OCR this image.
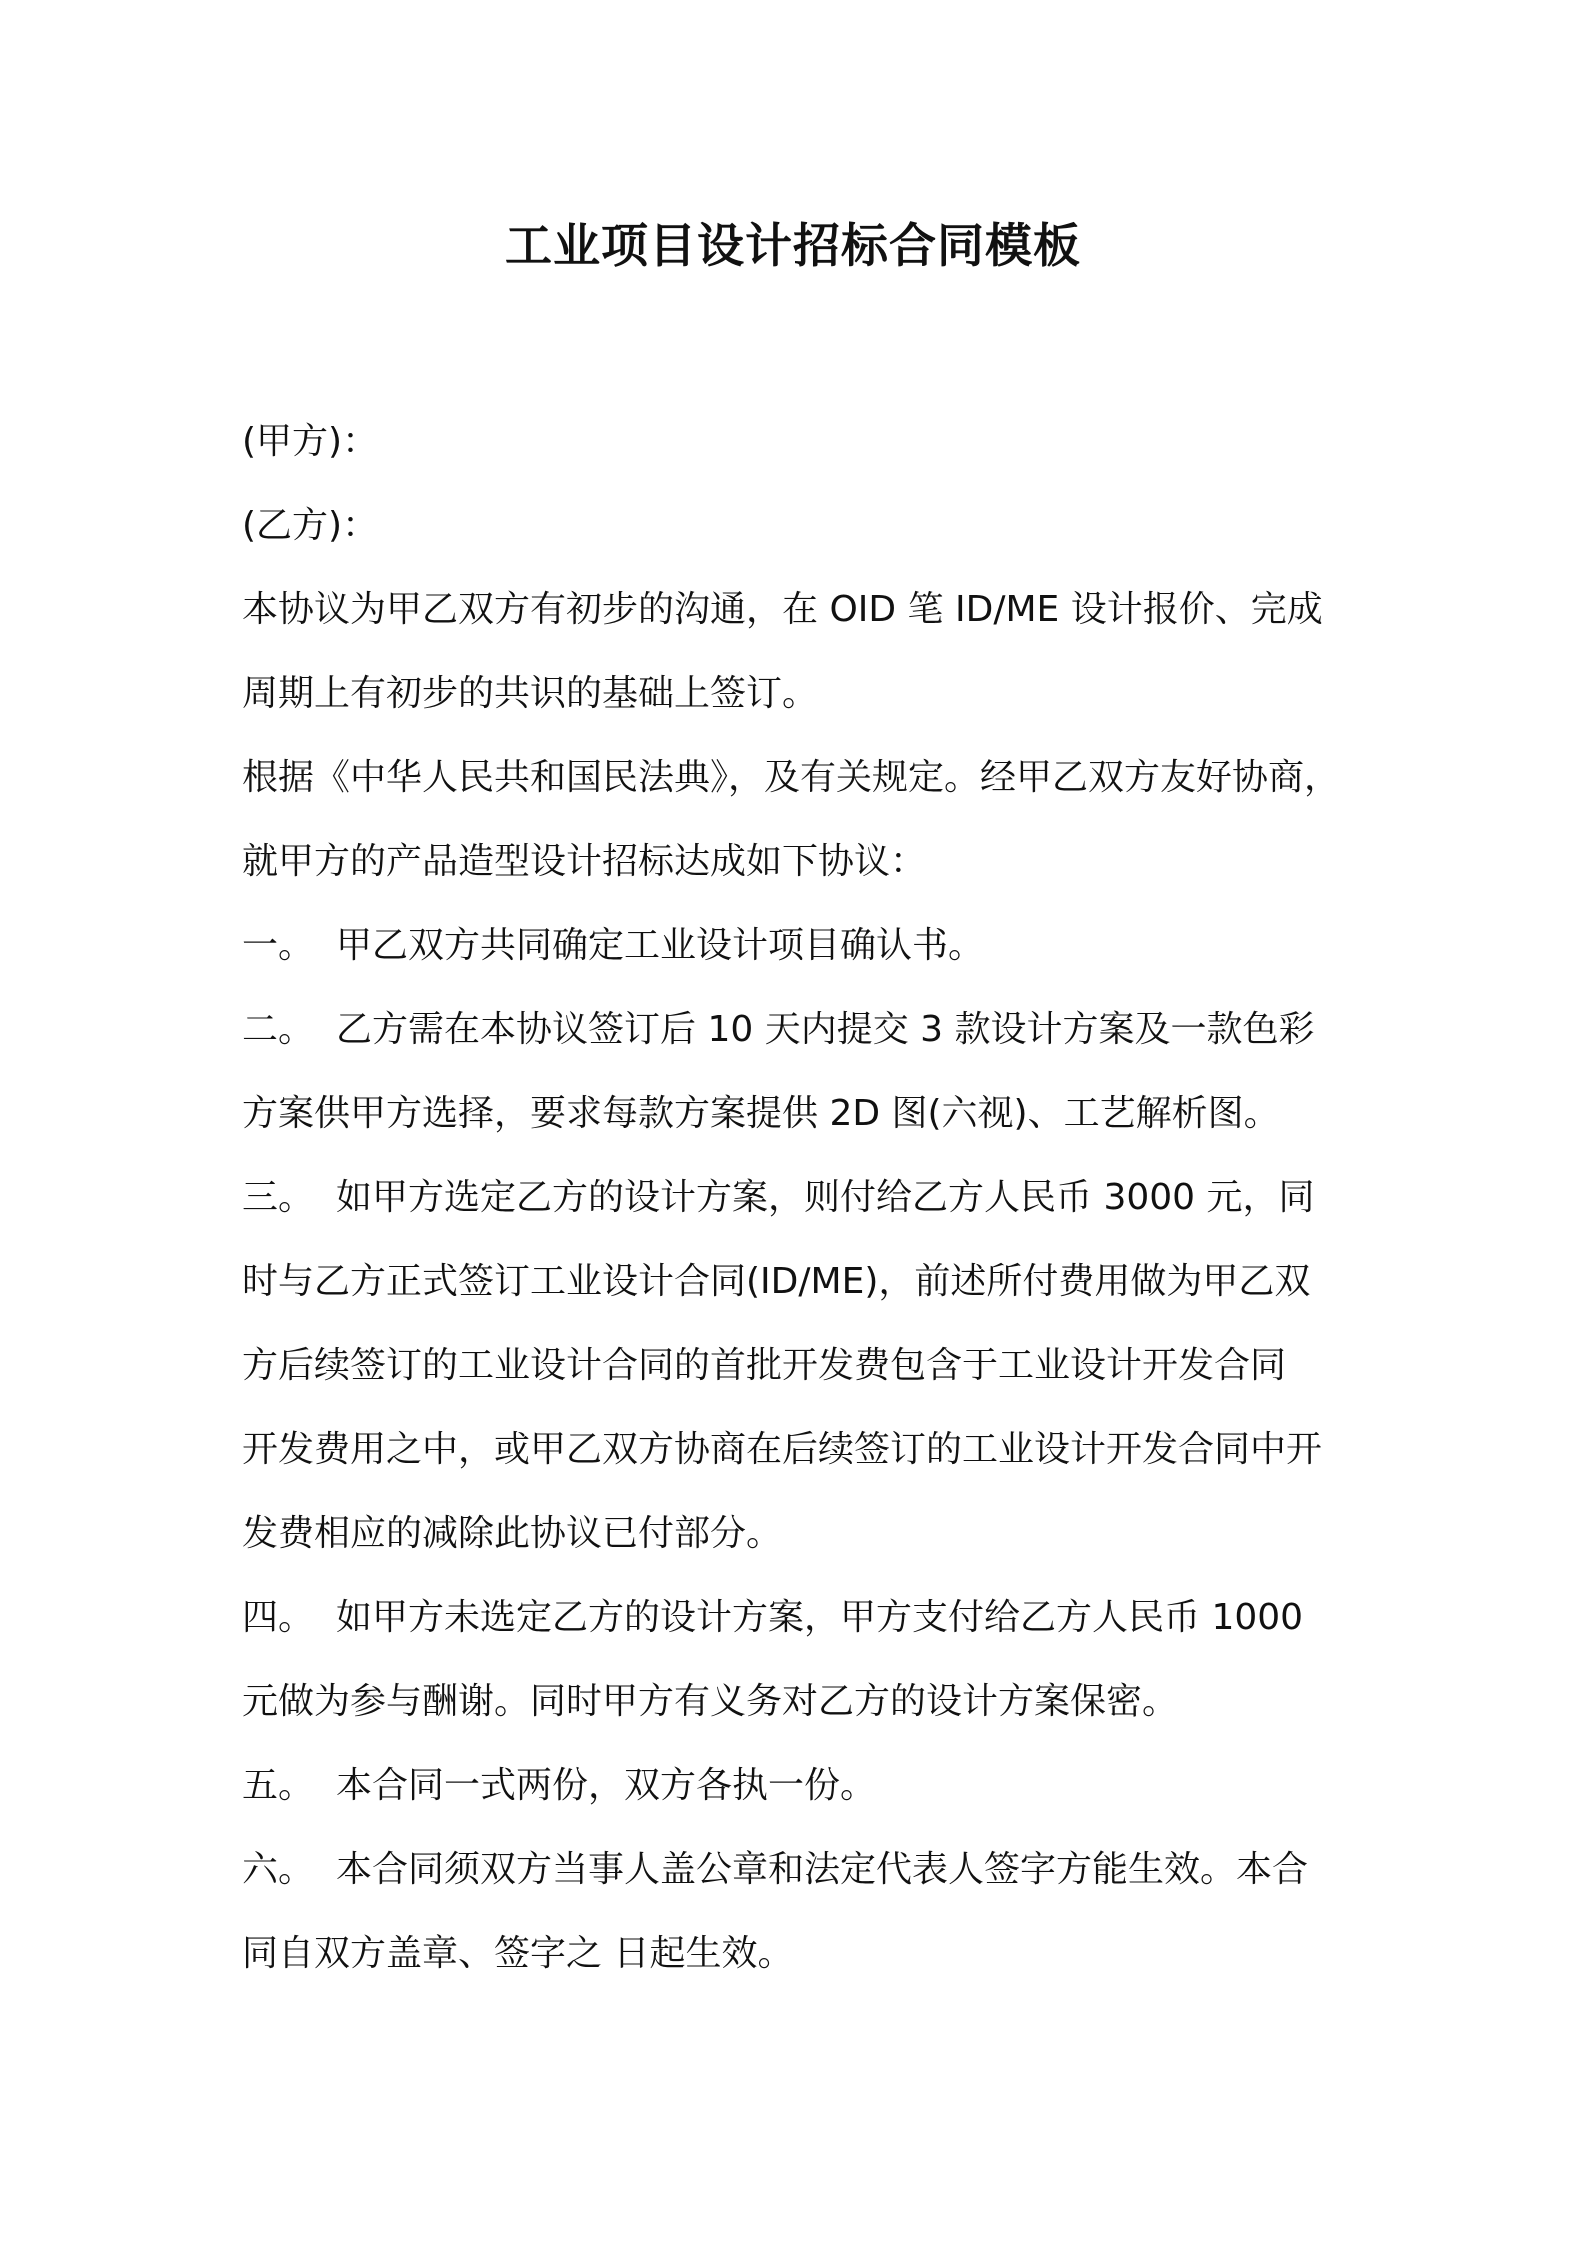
工业项目设计招标合同模板
(甲方)：
(乙方)：
本协议为甲乙双方有初步的沟通，在 OID 笔 ID/ME 设计报价、完成
周期上有初步的共识的基础上签订。
根据《中华人民共和国民法典》，及有关规定。经甲乙双方友好协商，
就甲方的产品造型设计招标达成如下协议：
一。 甲乙双方共同确定工业设计项目确认书。
二。 乙方需在本协议签订后 10 天内提交 3 款设计方案及一款色彩
方案供甲方选择，要求每款方案提供 2D 图(六视)、工艺解析图。
三。 如甲方选定乙方的设计方案，则付给乙方人民币 3000 元，同
时与乙方正式签订工业设计合同(ID/ME)，前述所付费用做为甲乙双
方后续签订的工业设计合同的首批开发费包含于工业设计开发合同
开发费用之中，或甲乙双方协商在后续签订的工业设计开发合同中开
发费相应的减除此协议已付部分。
四。 如甲方未选定乙方的设计方案，甲方支付给乙方人民币 1000
元做为参与酬谢。同时甲方有义务对乙方的设计方案保密。
五。 本合同一式两份，双方各执一份。
六。 本合同须双方当事人盖公章和法定代表人签字方能生效。本合
同自双方盖章、签字之 日起生效。
